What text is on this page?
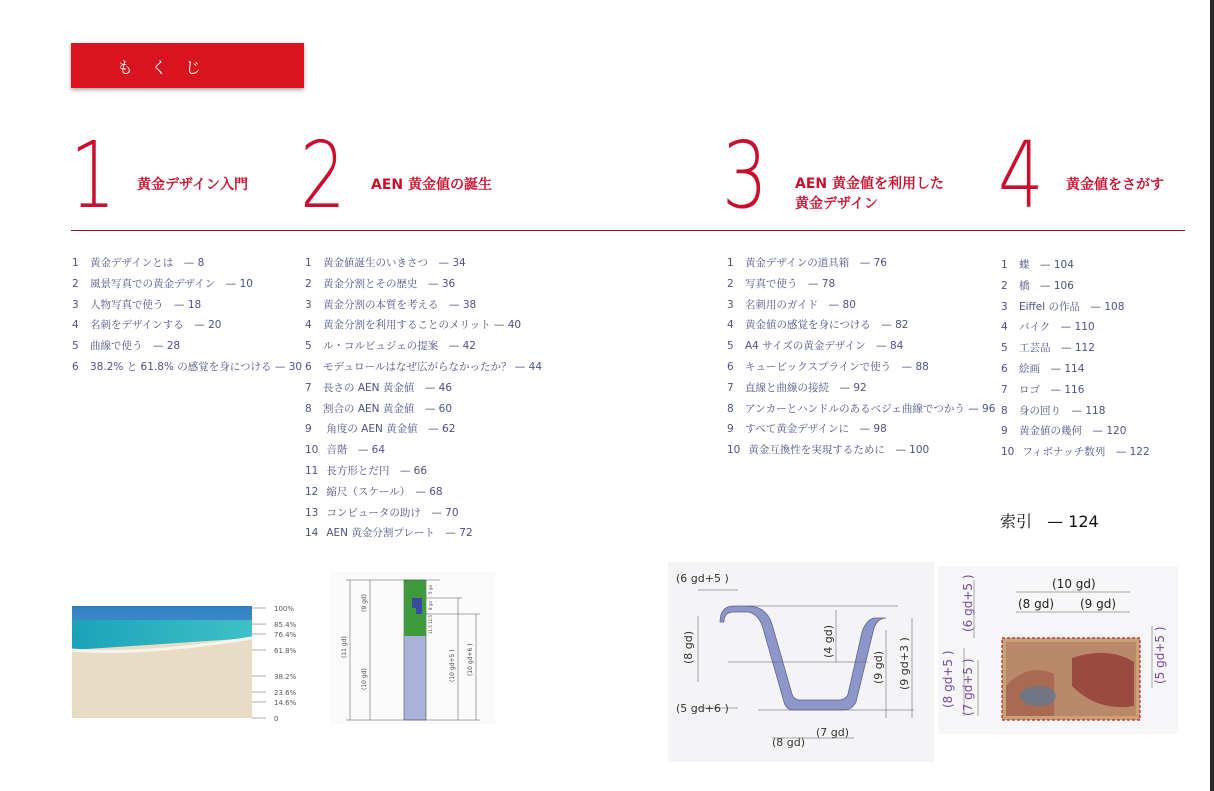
もくじ
1 黄金デザイン入門 2 AEN 黄金値の誕生	3 AEN 黄金値を利用した
黄金デザイン	4 黄金値をさがす
1 黄金デザインとは　— 8
2 風景写真での黄金デザイン　— 10
3 人物写真で使う　— 18
4 名刺をデザインする　— 20
5 曲線で使う　— 28
6 38.2% と 61.8% の感覚を身につける — 30
1 黄金値誕生のいきさつ　— 34
2 黄金分割とその歴史　— 36
3 黄金分割の本質を考える　— 38
4 黄金分割を利用することのメリット — 40
5 ル・コルビュジェの提案　— 42
6 モデュロールはなぜ広がらなかったか？ — 44
7 長さの AEN 黄金値　— 46
8 割合の AEN 黄金値　— 60
9 角度の AEN 黄金値　— 62
10 音階　— 64
11 長方形とだ円　— 66
12 縮尺（スケール）　— 68
13 コンピュータの助け　— 70
14 AEN 黄金分割プレート　— 72
1 黄金デザインの道具箱　— 76
2 写真で使う　— 78
3 名刺用のガイド　— 80
4 黄金値の感覚を身につける　— 82
5 A4 サイズの黄金デザイン　— 84
6 キュービックスプラインで使う　— 88
7 直線と曲線の接続　— 92
8 アンカーとハンドルのあるベジェ曲線でつかう — 96
9 すべて黄金デザインに　— 98
10 黄金互換性を実現するために　— 100
1 蝶　— 104
2 橋　— 106
3 Eiffel の作品　— 108
4 バイク　— 110
5 工芸品　— 112
6 絵画　— 114
7 ロゴ　— 116
8 身の回り　— 118
9 黄金値の幾何　— 120
10 フィボナッチ数列　— 122
索引 — 124
100%
85.4%
76.4%
61.8%
38.2%
23.6%
14.6%
0
(11 gd)
(9 gd)
(10 gd)	(10 gd+5 ) (10 gd+6 )
5 gd
8 gd
12.5
11.5
(6 gd+5 )
(8 gd)
(5 gd+6 )
(4 gd)
(9 gd) (9 gd+3 )
(8 gd)
(7 gd)
(10 gd)
(8 gd) (9 gd)
(6 gd+5 )
(8 gd+5 ) (7 gd+5 )
(5 gd+5 )
